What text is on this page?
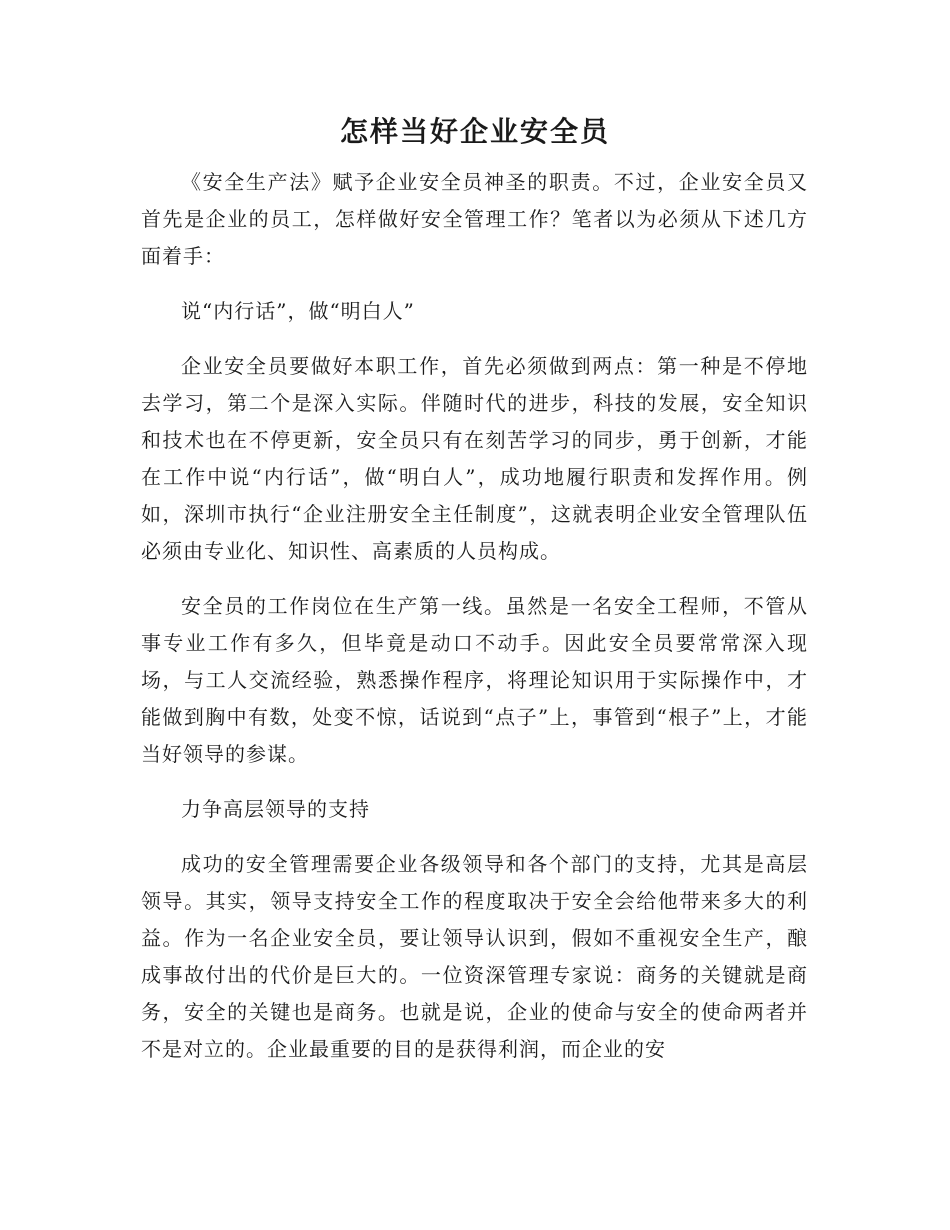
怎样当好企业安全员

《安全生产法》赋予企业安全员神圣的职责。不过，企业安全员又首先是企业的员工，怎样做好安全管理工作？笔者以为必须从下述几方面着手：

说“内行话”，做“明白人”

企业安全员要做好本职工作，首先必须做到两点：第一种是不停地去学习，第二个是深入实际。伴随时代的进步，科技的发展，安全知识和技术也在不停更新，安全员只有在刻苦学习的同步，勇于创新，才能在工作中说“内行话”，做“明白人”，成功地履行职责和发挥作用。例如，深圳市执行“企业注册安全主任制度”，这就表明企业安全管理队伍必须由专业化、知识性、高素质的人员构成。

安全员的工作岗位在生产第一线。虽然是一名安全工程师，不管从事专业工作有多久，但毕竟是动口不动手。因此安全员要常常深入现场，与工人交流经验，熟悉操作程序，将理论知识用于实际操作中，才能做到胸中有数，处变不惊，话说到“点子”上，事管到“根子”上，才能当好领导的参谋。

力争高层领导的支持

成功的安全管理需要企业各级领导和各个部门的支持，尤其是高层领导。其实，领导支持安全工作的程度取决于安全会给他带来多大的利益。作为一名企业安全员，要让领导认识到，假如不重视安全生产，酿成事故付出的代价是巨大的。一位资深管理专家说：商务的关键就是商务，安全的关键也是商务。也就是说，企业的使命与安全的使命两者并不是对立的。企业最重要的目的是获得利润，而企业的安
